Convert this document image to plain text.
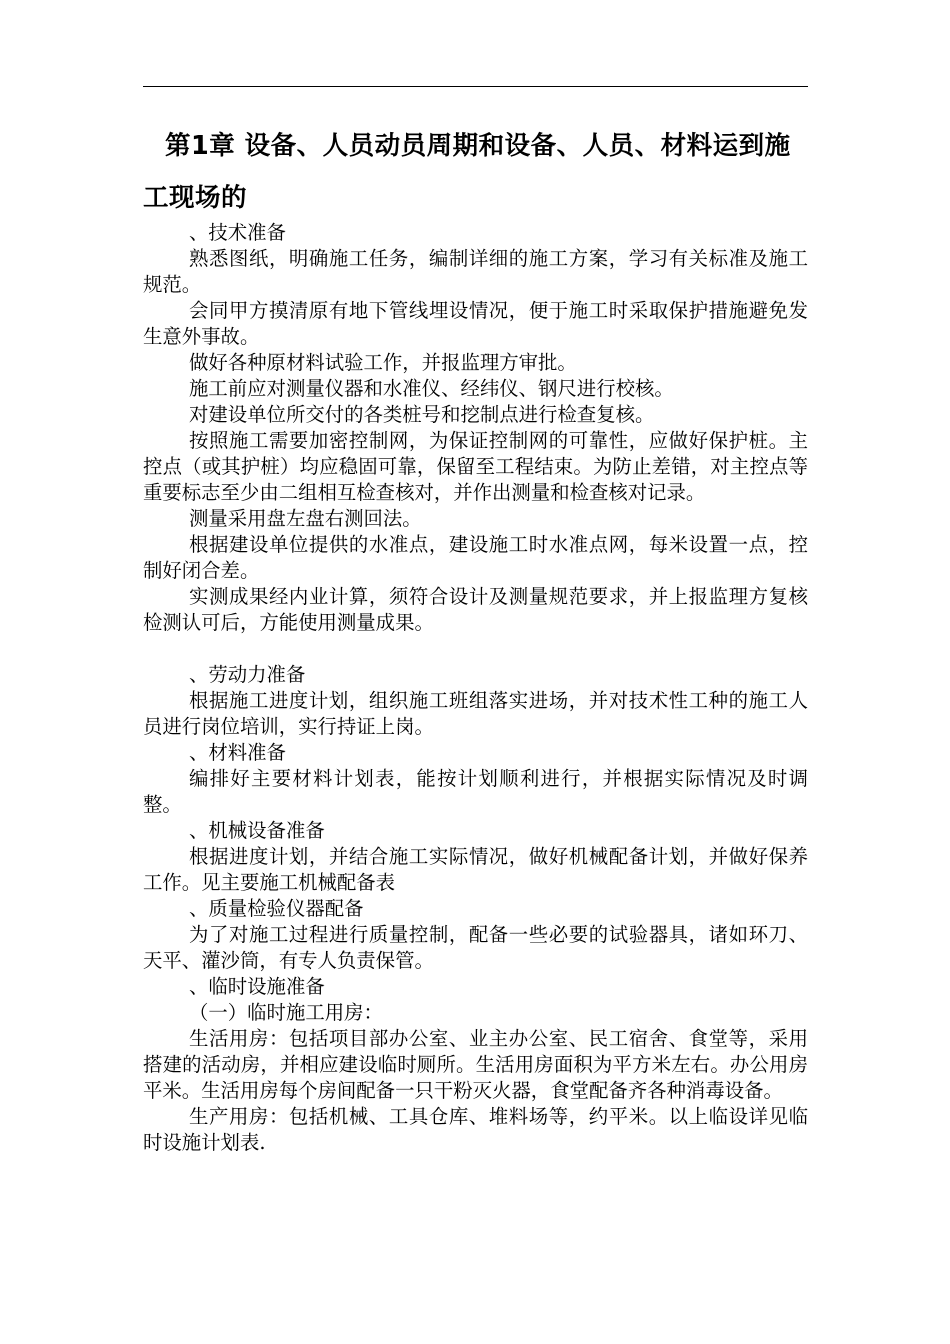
第1章 设备、人员动员周期和设备、人员、材料运到施工现场的

、技术准备

熟悉图纸，明确施工任务，编制详细的施工方案，学习有关标准及施工规范。

会同甲方摸清原有地下管线埋设情况，便于施工时采取保护措施避免发生意外事故。

做好各种原材料试验工作，并报监理方审批。

施工前应对测量仪器和水准仪、经纬仪、钢尺进行校核。

对建设单位所交付的各类桩号和挖制点进行检查复核。

按照施工需要加密控制网，为保证控制网的可靠性，应做好保护桩。主控点（或其护桩）均应稳固可靠，保留至工程结束。为防止差错，对主控点等重要标志至少由二组相互检查核对，并作出测量和检查核对记录。

测量采用盘左盘右测回法。

根据建设单位提供的水准点，建设施工时水准点网，每米设置一点，控制好闭合差。

实测成果经内业计算，须符合设计及测量规范要求，并上报监理方复核检测认可后，方能使用测量成果。

、劳动力准备

根据施工进度计划，组织施工班组落实进场，并对技术性工种的施工人员进行岗位培训，实行持证上岗。

、材料准备

编排好主要材料计划表，能按计划顺利进行，并根据实际情况及时调整。

、机械设备准备

根据进度计划，并结合施工实际情况，做好机械配备计划，并做好保养工作。见主要施工机械配备表

、质量检验仪器配备

为了对施工过程进行质量控制，配备一些必要的试验器具，诸如环刀、天平、灌沙筒，有专人负责保管。

、临时设施准备

（一）临时施工用房：

生活用房：包括项目部办公室、业主办公室、民工宿舍、食堂等，采用搭建的活动房，并相应建设临时厕所。生活用房面积为平方米左右。办公用房平米。生活用房每个房间配备一只干粉灭火器，食堂配备齐各种消毒设备。

生产用房：包括机械、工具仓库、堆料场等，约平米。以上临设详见临时设施计划表.
